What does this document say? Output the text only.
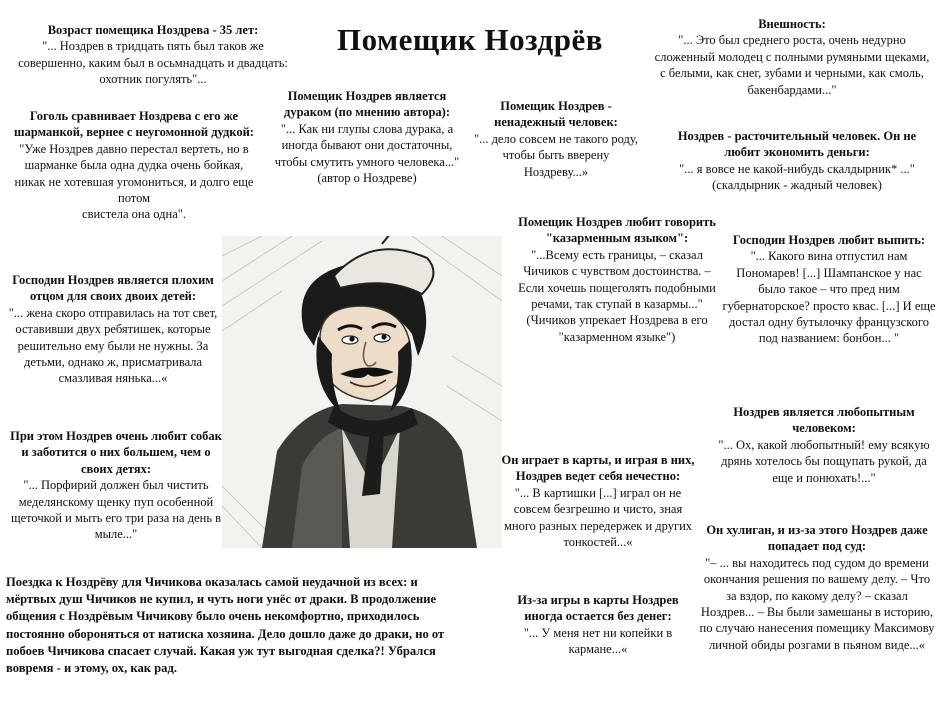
Помещик Ноздрёв
Возраст помещика Ноздрева - 35 лет:
"... Ноздрев в тридцать пять был таков же совершенно, каким был в осьмнадцать и двадцать: охотник погулять"...
Гоголь сравнивает Ноздрева с его же шарманкой, вернее с неугомонной дудкой:
"Уже Ноздрев давно перестал вертеть, но в шарманке была одна дудка очень бойкая,
никак не хотевшая угомониться, и долго еще потом
свистела она одна".
Господин Ноздрев является плохим отцом для своих двоих детей:
"... жена скоро отправилась на тот свет, оставивши двух ребятишек, которые решительно ему были не нужны. За детьми, однако ж, присматривала смазливая нянька...«
При этом Ноздрев очень любит собак и заботится о них большем, чем о своих детях:
"... Порфирий должен был чистить меделянскому щенку пуп особенной щеточкой и мыть его три раза на день в мыле..."
Помещик Ноздрев является дураком (по мнению автора):
"... Как ни глупы слова дурака, а иногда бывают они достаточны, чтобы смутить умного человека..." (автор о Ноздреве)
Помещик Ноздрев - ненадежный человек:
"... дело совсем не такого роду, чтобы быть вверену Ноздреву...»
Внешность:
"... Это был среднего роста, очень недурно сложенный молодец с полными румяными щеками, с белыми, как снег, зубами и черными, как смоль, бакенбардами..."
Ноздрев - расточительный человек. Он не любит экономить деньги:
"... я вовсе не какой-нибудь скалдырник* ..." (скалдырник - жадный человек)
Помещик Ноздрев любит говорить "казарменным языком":
"...Всему есть границы, – сказал Чичиков с чувством достоинства. – Если хочешь пощеголять подобными речами, так ступай в казармы..." (Чичиков упрекает Ноздрева в его "казарменном языке")
Господин Ноздрев любит выпить:
"... Какого вина отпустил нам Пономарев! [...] Шампанское у нас было такое – что пред ним губернаторское? просто квас. [...] И еще достал одну бутылочку французского под названием: бонбон... "
Ноздрев является любопытным человеком:
"... Ох, какой любопытный! ему всякую дрянь хотелось бы пощупать рукой, да еще и понюхать!..."
Он играет в карты, и играя в них, Ноздрев ведет себя нечестно:
"... В картишки [...] играл он не совсем безгрешно и чисто, зная много разных передержек и других тонкостей...«
Из-за игры в карты Ноздрев иногда остается без денег:
"... У меня нет ни копейки в кармане...«
Он хулиган, и из-за этого Ноздрев даже попадает под суд:
"– ... вы находитесь под судом до времени окончания решения по вашему делу. – Что за вздор, по какому делу? – сказал Ноздрев... – Вы были замешаны в историю, по случаю нанесения помещику Максимову личной обиды розгами в пьяном виде...«
Поездка к Ноздрёву для Чичикова оказалась самой неудачной из всех: и мёртвых душ Чичиков не купил, и чуть ноги унёс от драки. В продолжение общения с Ноздрёвым Чичикову было очень некомфортно, приходилось постоянно обороняться от натиска хозяина. Дело дошло даже до драки, но от побоев Чичикова спасает случай. Какая уж тут выгодная сделка?! Убрался вовремя - и этому, ох, как рад.
